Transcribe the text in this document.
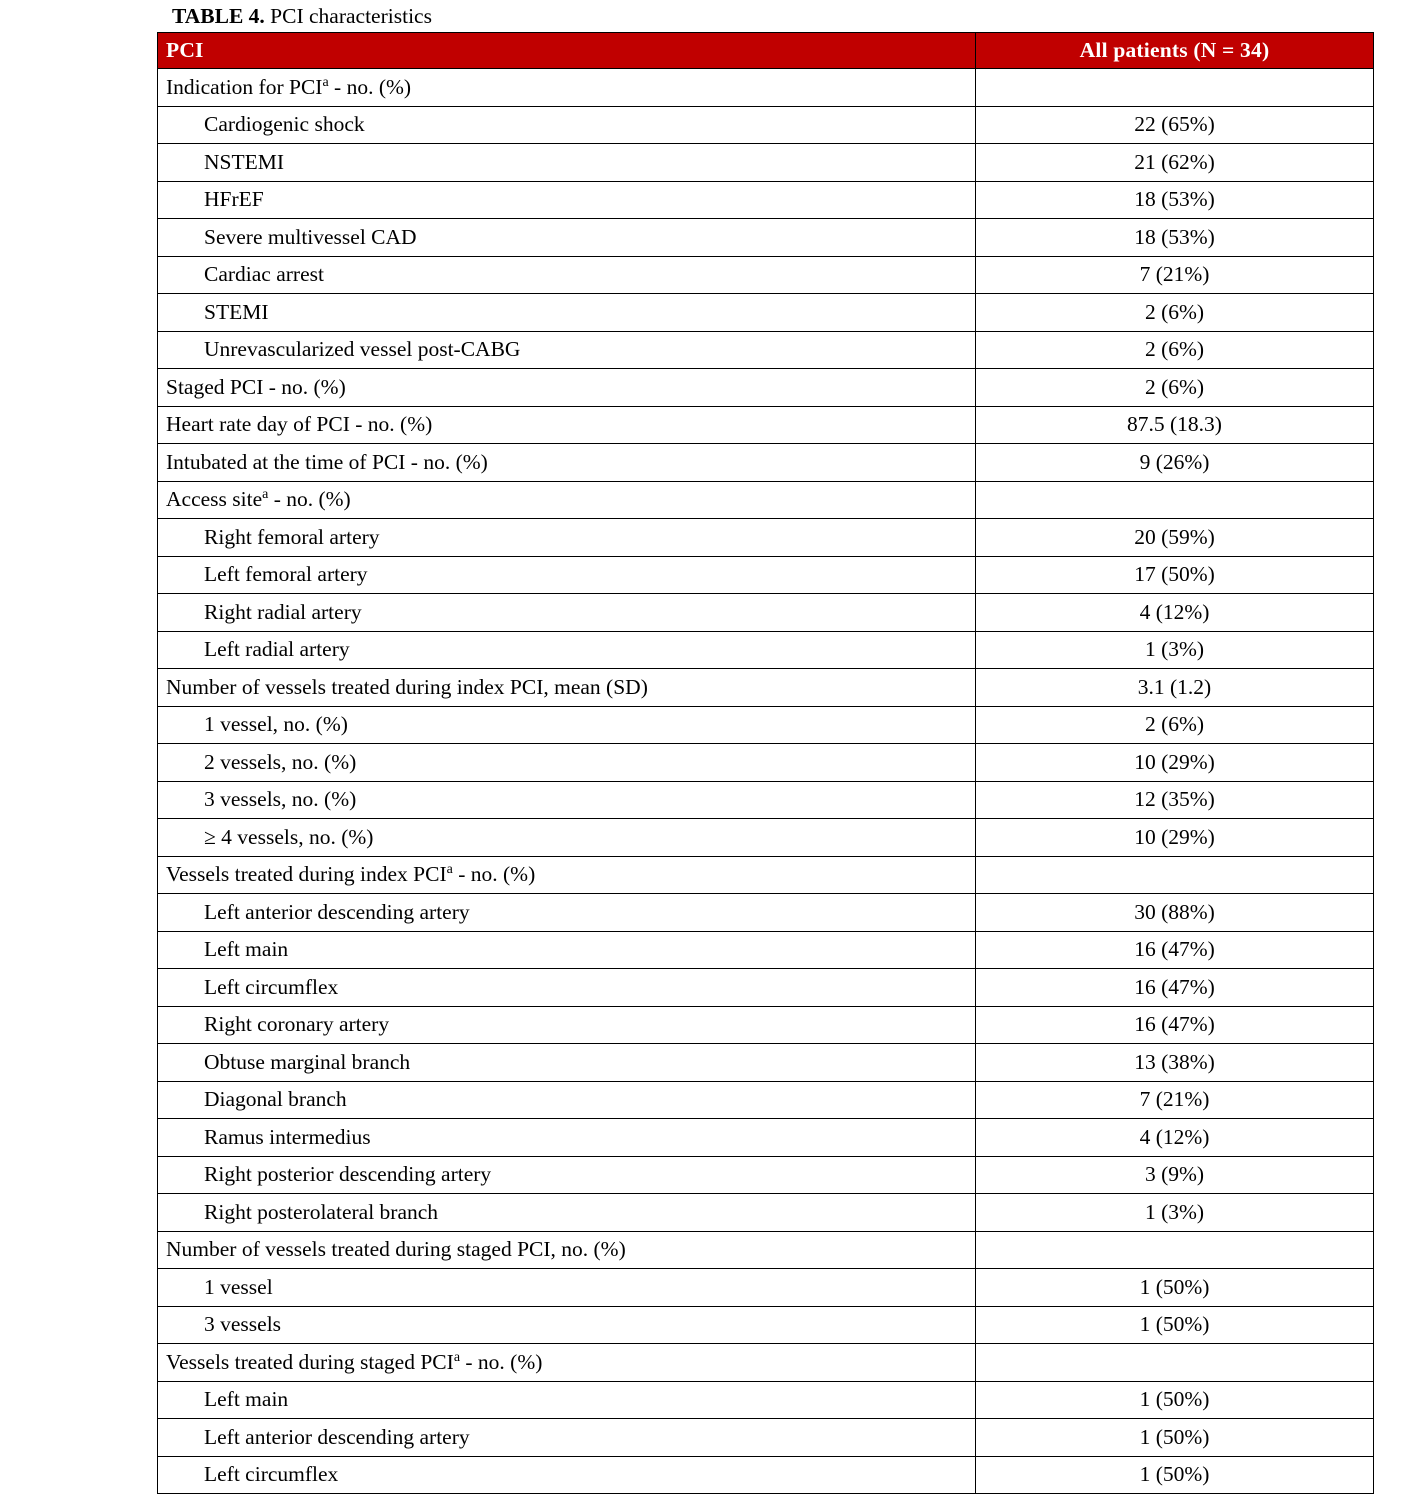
TABLE 4. PCI characteristics
PCI	All patients (N = 34)
Indication for PCI$^a$ - no. (%)	
Cardiogenic shock	22 (65%)
NSTEMI	21 (62%)
HFrEF	18 (53%)
Severe multivessel CAD	18 (53%)
Cardiac arrest	7 (21%)
STEMI	2 (6%)
Unrevascularized vessel post-CABG	2 (6%)
Staged PCI - no. (%)	2 (6%)
Heart rate day of PCI - no. (%)	87.5 (18.3)
Intubated at the time of PCI - no. (%)	9 (26%)
Access site$^a$ - no. (%)	
Right femoral artery	20 (59%)
Left femoral artery	17 (50%)
Right radial artery	4 (12%)
Left radial artery	1 (3%)
Number of vessels treated during index PCI, mean (SD)	3.1 (1.2)
1 vessel, no. (%)	2 (6%)
2 vessels, no. (%)	10 (29%)
3 vessels, no. (%)	12 (35%)
≥ 4 vessels, no. (%)	10 (29%)
Vessels treated during index PCI$^a$ - no. (%)	
Left anterior descending artery	30 (88%)
Left main	16 (47%)
Left circumflex	16 (47%)
Right coronary artery	16 (47%)
Obtuse marginal branch	13 (38%)
Diagonal branch	7 (21%)
Ramus intermedius	4 (12%)
Right posterior descending artery	3 (9%)
Right posterolateral branch	1 (3%)
Number of vessels treated during staged PCI, no. (%)	
1 vessel	1 (50%)
3 vessels	1 (50%)
Vessels treated during staged PCI$^a$ - no. (%)	
Left main	1 (50%)
Left anterior descending artery	1 (50%)
Left circumflex	1 (50%)
